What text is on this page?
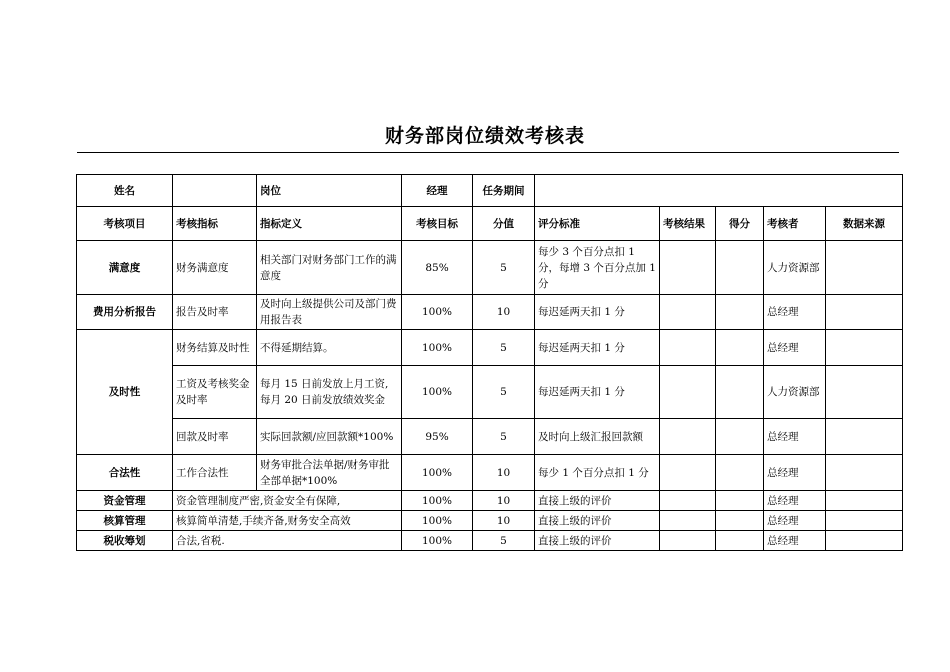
财务部岗位绩效考核表
姓名		岗位	经理	任务期间					
考核项目	考核指标	指标定义	考核目标	分值	评分标准	考核结果	得分	考核者	数据来源
满意度	财务满意度	相关部门对财务部门工作的满意度	85%	5	每少 3 个百分点扣 1 分，每增 3 个百分点加 1 分			人力资源部	
费用分析报告	报告及时率	及时向上级提供公司及部门费用报告表	100%	10	每迟延两天扣 1 分			总经理	
及时性	财务结算及时性	不得延期结算。	100%	5	每迟延两天扣 1 分			总经理	
	工资及考核奖金及时率	每月 15 日前发放上月工资,每月 20 日前发放绩效奖金	100%	5	每迟延两天扣 1 分			人力资源部	
	回款及时率	实际回款额/应回款额*100%	95%	5	及时向上级汇报回款额			总经理	
合法性	工作合法性	财务审批合法单据/财务审批全部单据*100%	100%	10	每少 1 个百分点扣 1 分			总经理	
资金管理	资金管理制度严密,资金安全有保障,		100%	10	直接上级的评价			总经理	
核算管理	核算简单清楚,手续齐备,财务安全高效		100%	10	直接上级的评价			总经理	
税收筹划	合法,省税.		100%	5	直接上级的评价			总经理	
